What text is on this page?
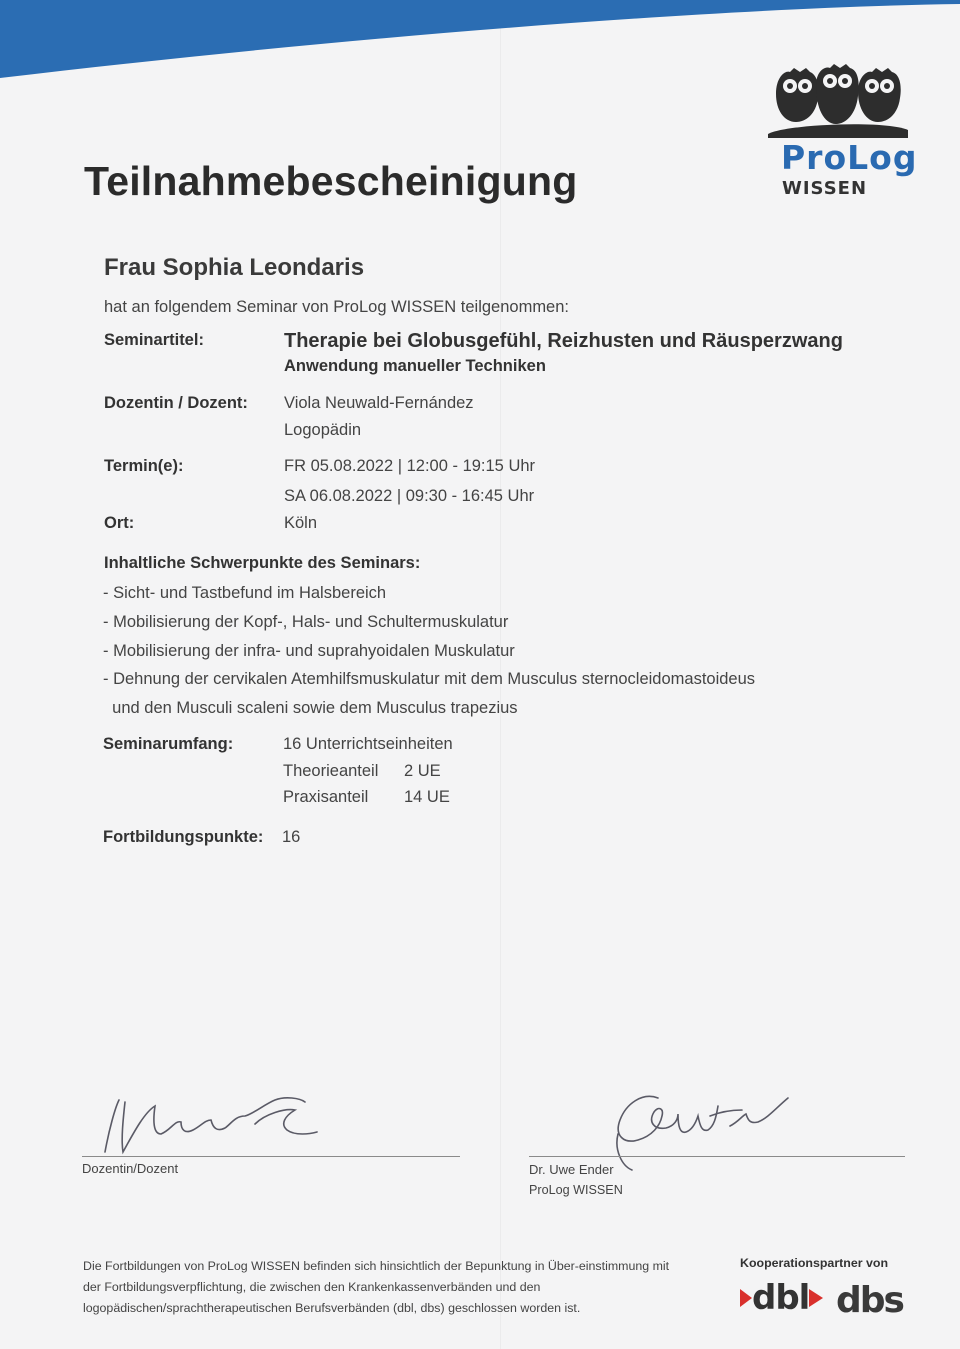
ProLog
WISSEN
Teilnahmebescheinigung
Frau Sophia Leondaris
hat an folgendem Seminar von ProLog WISSEN teilgenommen:
Seminartitel:	Therapie bei Globusgefühl, Reizhusten und Räusperzwang
Anwendung manueller Techniken
Dozentin / Dozent: Viola Neuwald-Fernández
Logopädin
Termin(e):	FR 05.08.2022 | 12:00 - 19:15 Uhr
SA 06.08.2022 | 09:30 - 16:45 Uhr
Ort:	Köln
Inhaltliche Schwerpunkte des Seminars:
- Sicht- und Tastbefund im Halsbereich
- Mobilisierung der Kopf-, Hals- und Schultermuskulatur
- Mobilisierung der infra- und suprahyoidalen Muskulatur
- Dehnung der cervikalen Atemhilfsmuskulatur mit dem Musculus sternocleidomastoideus
und den Musculi scaleni sowie dem Musculus trapezius
Seminarumfang:	16 Unterrichtseinheiten
Theorieanteil 2 UE
Praxisanteil 14 UE
Fortbildungspunkte: 16
Dozentin/Dozent	Dr. Uwe Ender
ProLog WISSEN

Die Fortbildungen von ProLog WISSEN befinden sich hinsichtlich der Bepunktung in Über-einstimmung mit der Fortbildungsverpflichtung, die zwischen den Krankenkassenverbänden und den logopädischen/sprachtherapeutischen Berufsverbänden (dbl, dbs) geschlossen worden ist.

Kooperationspartner von
dbl dbs
